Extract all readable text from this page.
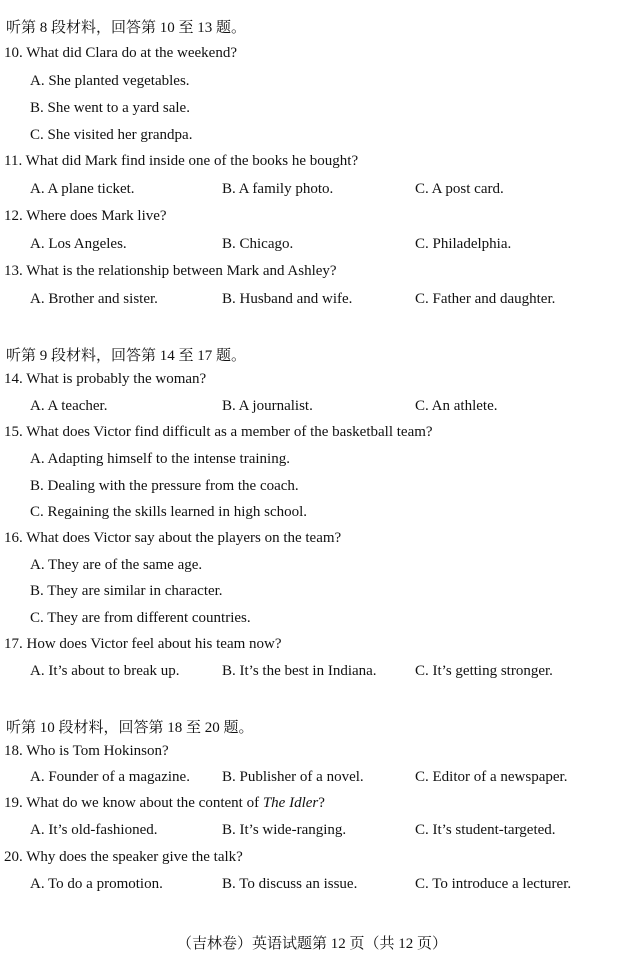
听第 8 段材料，回答第 10 至 13 题。
10. What did Clara do at the weekend?
A. She planted vegetables.
B. She went to a yard sale.
C. She visited her grandpa.
11. What did Mark find inside one of the books he bought?
A. A plane ticket.	B. A family photo.	C. A post card.
12. Where does Mark live?
A. Los Angeles.	B. Chicago.	C. Philadelphia.
13. What is the relationship between Mark and Ashley?
A. Brother and sister.	B. Husband and wife.	C. Father and daughter.
听第 9 段材料，回答第 14 至 17 题。
14. What is probably the woman?
A. A teacher.	B. A journalist.	C. An athlete.
15. What does Victor find difficult as a member of the basketball team?
A. Adapting himself to the intense training.
B. Dealing with the pressure from the coach.
C. Regaining the skills learned in high school.
16. What does Victor say about the players on the team?
A. They are of the same age.
B. They are similar in character.
C. They are from different countries.
17. How does Victor feel about his team now?
A. It’s about to break up.	B. It’s the best in Indiana.	C. It’s getting stronger.
听第 10 段材料，回答第 18 至 20 题。
18. Who is Tom Hokinson?
A. Founder of a magazine. B. Publisher of a novel.	C. Editor of a newspaper.
19. What do we know about the content of The Idler?
A. It’s old-fashioned.	B. It’s wide-ranging.	C. It’s student-targeted.
20. Why does the speaker give the talk?
A. To do a promotion.	B. To discuss an issue.	C. To introduce a lecturer.
（吉林卷）英语试题第 12 页（共 12 页）
